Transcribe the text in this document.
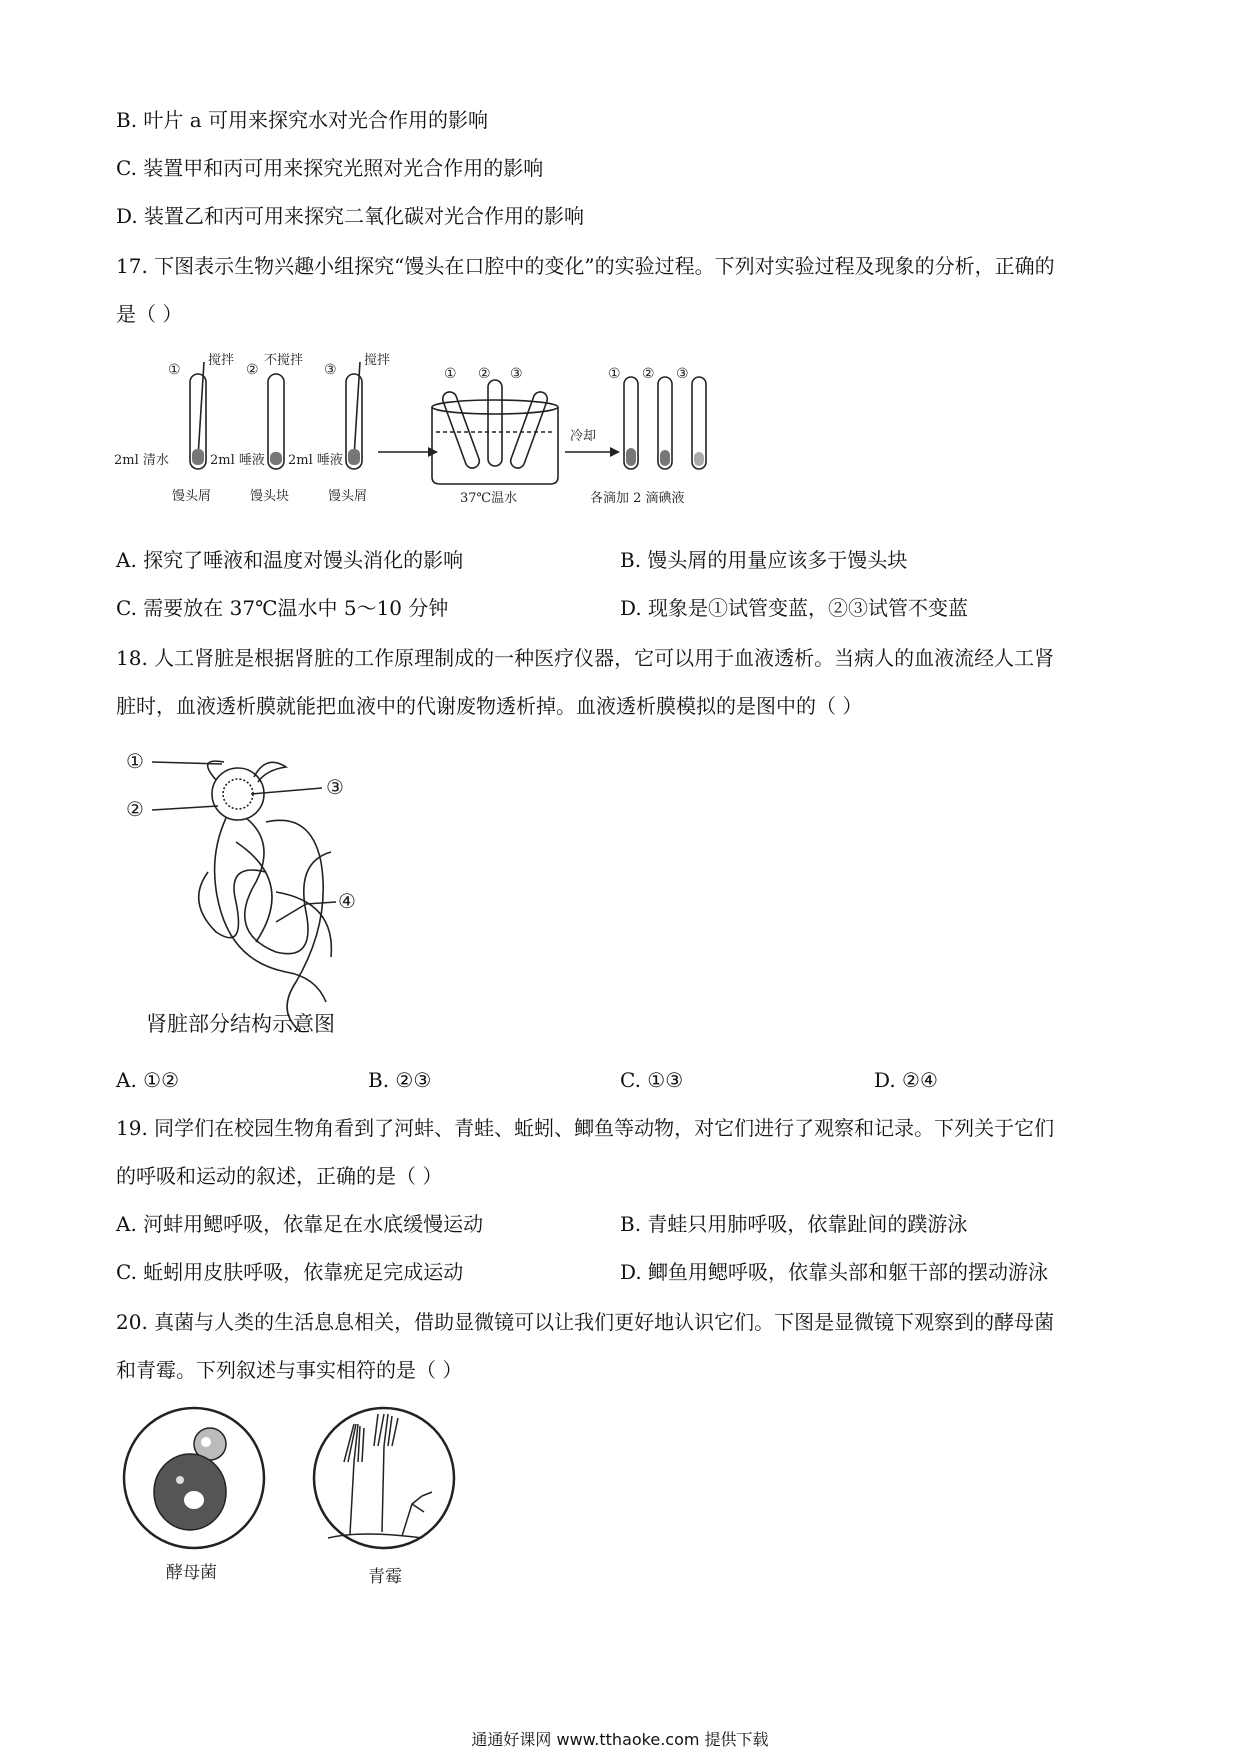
B. 叶片 a 可用来探究水对光合作用的影响
C. 装置甲和丙可用来探究光照对光合作用的影响
D. 装置乙和丙可用来探究二氧化碳对光合作用的影响
17. 下图表示生物兴趣小组探究“馒头在口腔中的变化”的实验过程。下列对实验过程及现象的分析，正确的
是（ ）
①
搅拌
②
不搅拌
③
搅拌
2ml 清水	2ml 唾液 2ml 唾液
馒头屑	馒头块	馒头屑
① ② ③
37℃温水
冷却
① ② ③
各滴加 2 滴碘液
A. 探究了唾液和温度对馒头消化的影响	B. 馒头屑的用量应该多于馒头块
C. 需要放在 37℃温水中 5～10 分钟	D. 现象是①试管变蓝，②③试管不变蓝
18. 人工肾脏是根据肾脏的工作原理制成的一种医疗仪器，它可以用于血液透析。当病人的血液流经人工肾
脏时，血液透析膜就能把血液中的代谢废物透析掉。血液透析膜模拟的是图中的（ ）
①
②
③
④
肾脏部分结构示意图
A. ①②	B. ②③	C. ①③	D. ②④
19. 同学们在校园生物角看到了河蚌、青蛙、蚯蚓、鲫鱼等动物，对它们进行了观察和记录。下列关于它们
的呼吸和运动的叙述，正确的是（ ）
A. 河蚌用鳃呼吸，依靠足在水底缓慢运动	B. 青蛙只用肺呼吸，依靠趾间的蹼游泳
C. 蚯蚓用皮肤呼吸，依靠疣足完成运动	D. 鲫鱼用鳃呼吸，依靠头部和躯干部的摆动游泳
20. 真菌与人类的生活息息相关，借助显微镜可以让我们更好地认识它们。下图是显微镜下观察到的酵母菌
和青霉。下列叙述与事实相符的是（ ）
酵母菌	青霉
通通好课网 www.tthaoke.com 提供下载
